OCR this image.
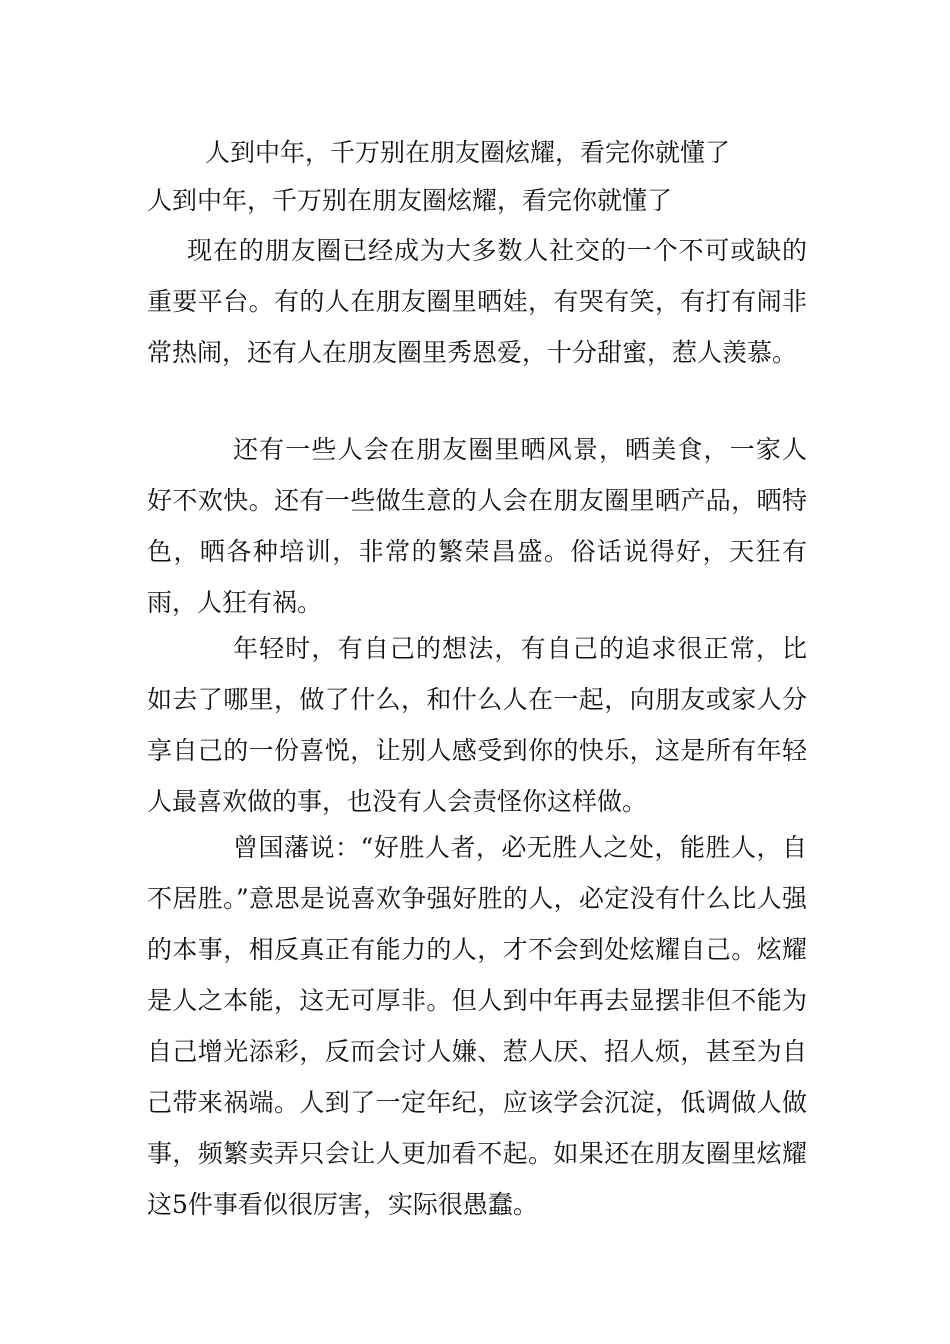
人到中年，千万别在朋友圈炫耀，看完你就懂了

人到中年，千万别在朋友圈炫耀，看完你就懂了

现在的朋友圈已经成为大多数人社交的一个不可或缺的重要平台。有的人在朋友圈里晒娃，有哭有笑，有打有闹非常热闹，还有人在朋友圈里秀恩爱，十分甜蜜，惹人羡慕。

还有一些人会在朋友圈里晒风景，晒美食，一家人好不欢快。还有一些做生意的人会在朋友圈里晒产品，晒特色，晒各种培训，非常的繁荣昌盛。俗话说得好，天狂有雨，人狂有祸。

年轻时，有自己的想法，有自己的追求很正常，比如去了哪里，做了什么，和什么人在一起，向朋友或家人分享自己的一份喜悦，让别人感受到你的快乐，这是所有年轻人最喜欢做的事，也没有人会责怪你这样做。

曾国藩说：“好胜人者，必无胜人之处，能胜人，自不居胜。”意思是说喜欢争强好胜的人，必定没有什么比人强的本事，相反真正有能力的人，才不会到处炫耀自己。炫耀是人之本能，这无可厚非。但人到中年再去显摆非但不能为自己增光添彩，反而会讨人嫌、惹人厌、招人烦，甚至为自己带来祸端。人到了一定年纪，应该学会沉淀，低调做人做事，频繁卖弄只会让人更加看不起。如果还在朋友圈里炫耀这5件事看似很厉害，实际很愚蠢。
